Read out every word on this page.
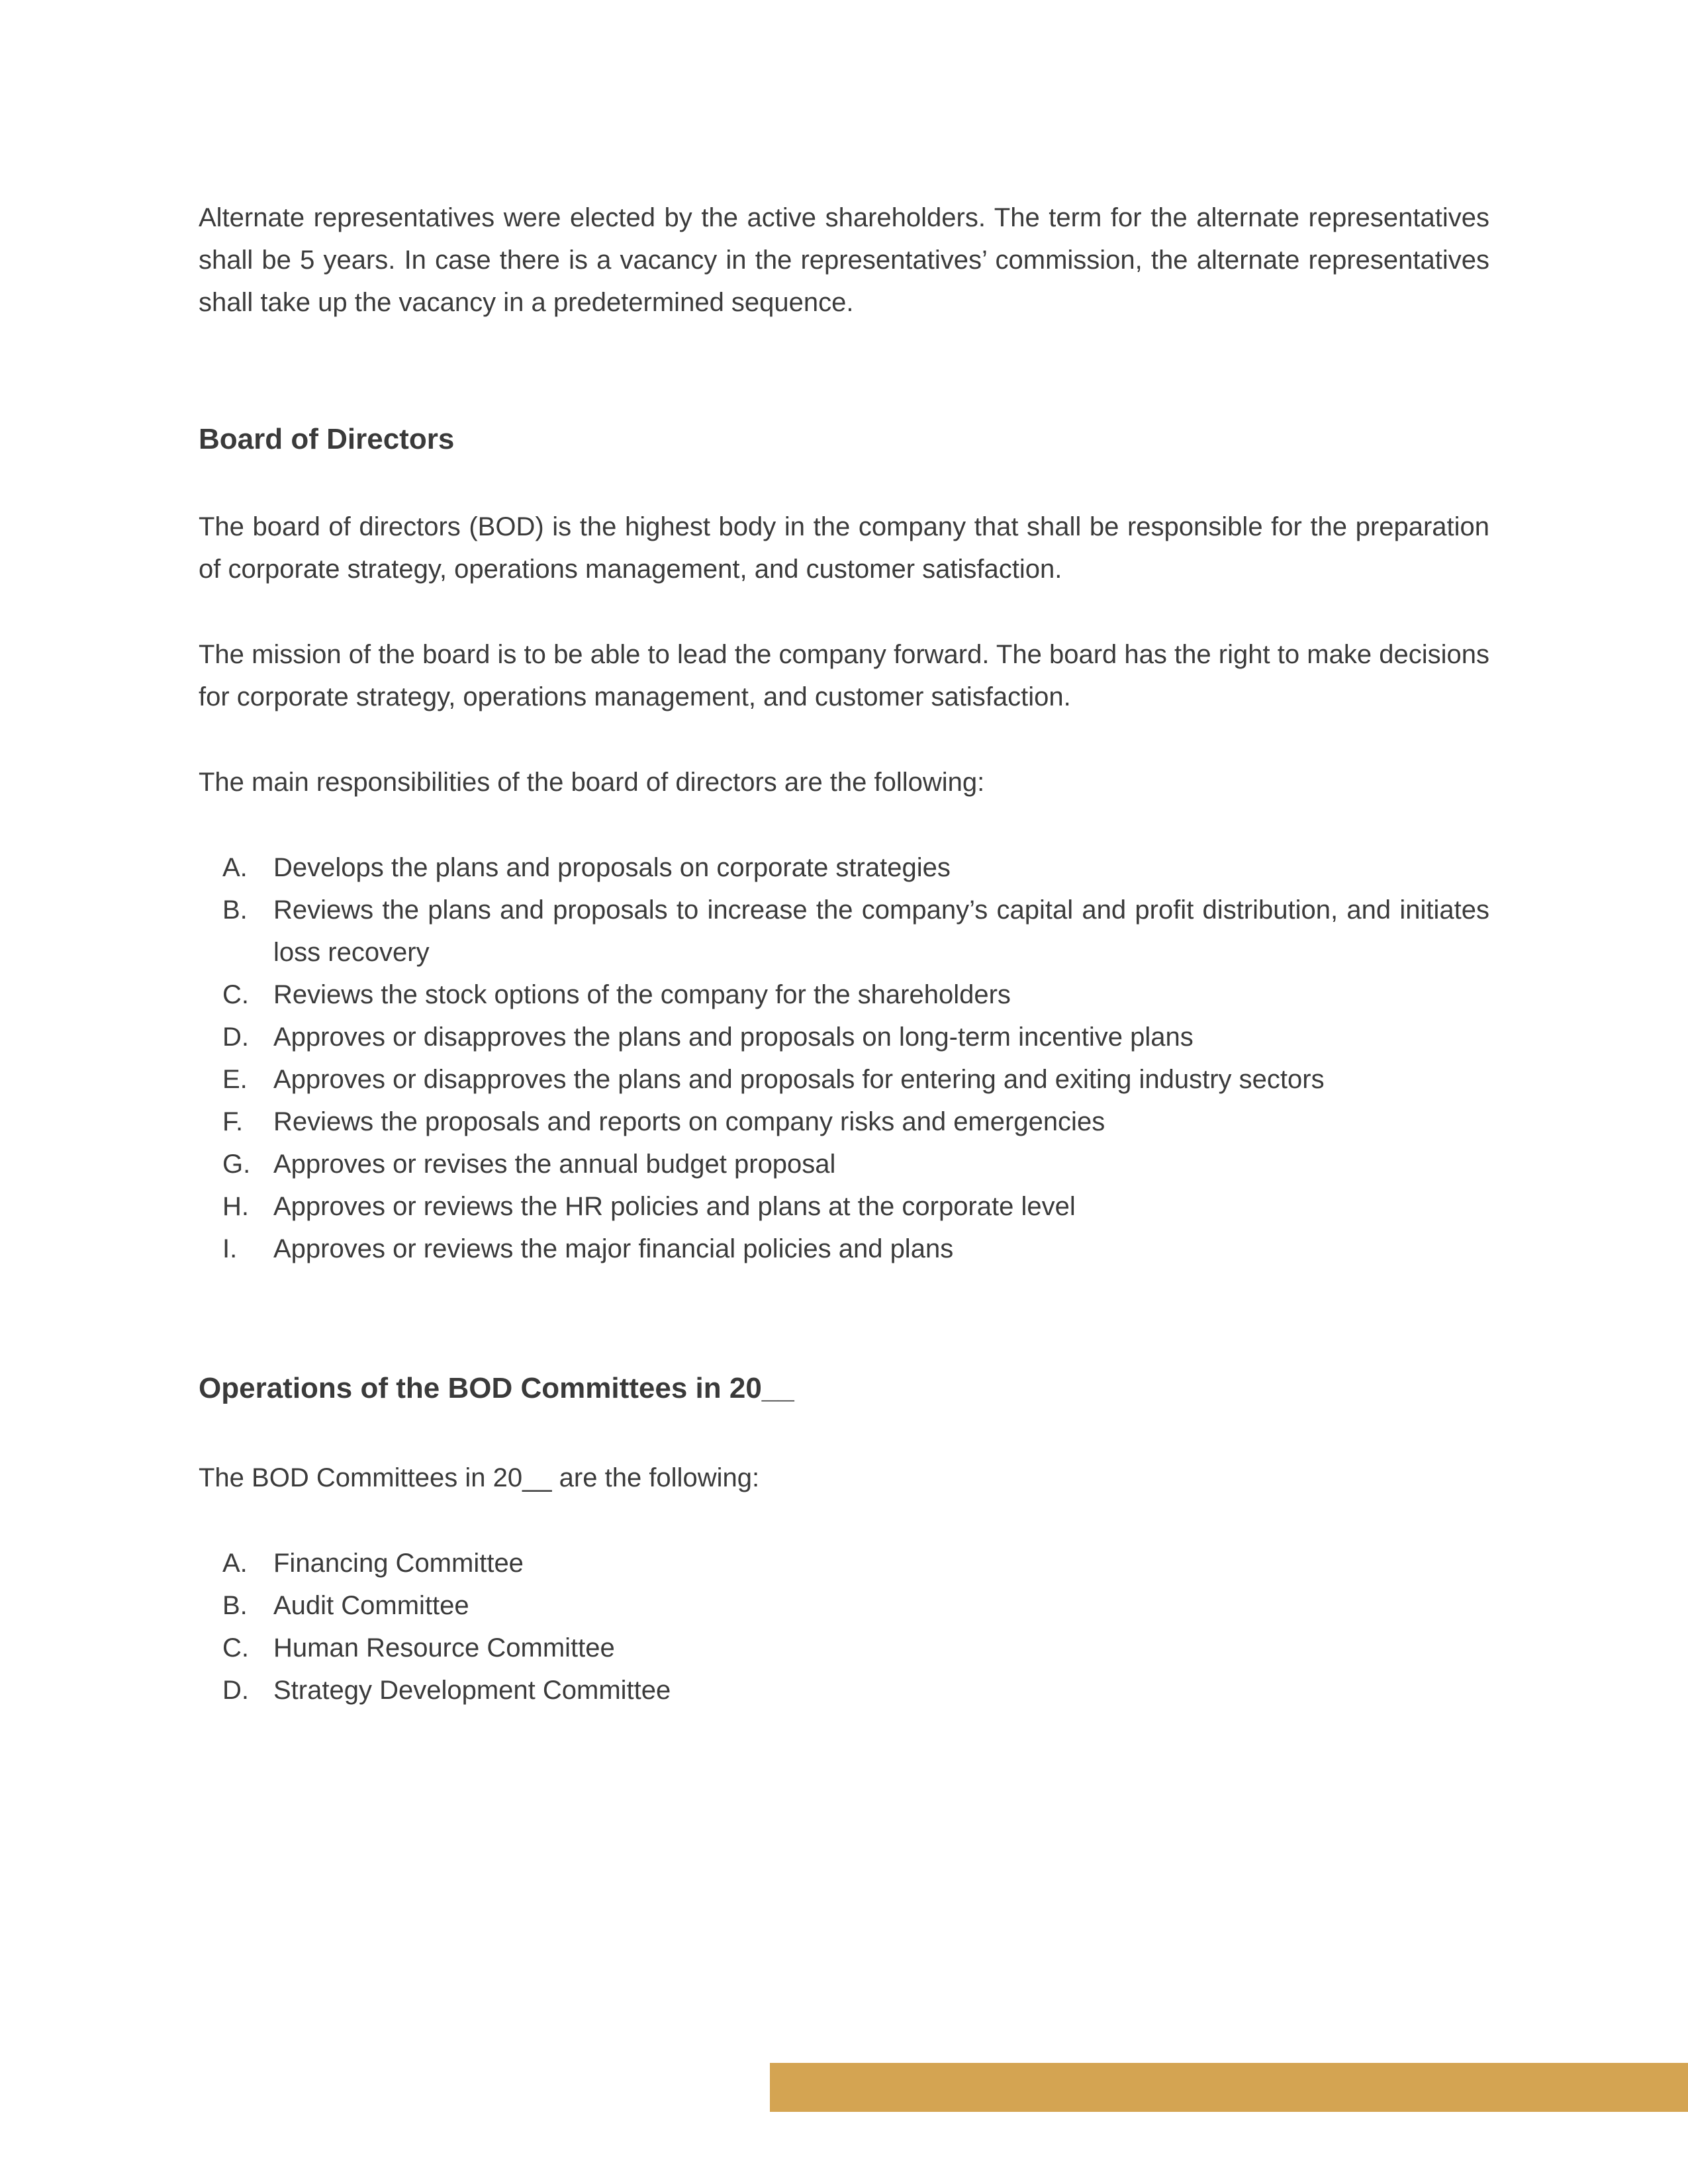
Alternate representatives were elected by the active shareholders. The term for the alternate representatives shall be 5 years. In case there is a vacancy in the representatives’ commission, the alternate representatives shall take up the vacancy in a predetermined sequence.

Board of Directors

The board of directors (BOD) is the highest body in the company that shall be responsible for the preparation of corporate strategy, operations management, and customer satisfaction.

The mission of the board is to be able to lead the company forward. The board has the right to make decisions for corporate strategy, operations management, and customer satisfaction.

The main responsibilities of the board of directors are the following:

A. Develops the plans and proposals on corporate strategies
B. Reviews the plans and proposals to increase the company’s capital and profit distribution, and initiates loss recovery
C. Reviews the stock options of the company for the shareholders
D. Approves or disapproves the plans and proposals on long-term incentive plans
E. Approves or disapproves the plans and proposals for entering and exiting industry sectors
F. Reviews the proposals and reports on company risks and emergencies
G. Approves or revises the annual budget proposal
H. Approves or reviews the HR policies and plans at the corporate level
I. Approves or reviews the major financial policies and plans
Operations of the BOD Committees in 20__

The BOD Committees in 20__ are the following:

A. Financing Committee
B. Audit Committee
C. Human Resource Committee
D. Strategy Development Committee
